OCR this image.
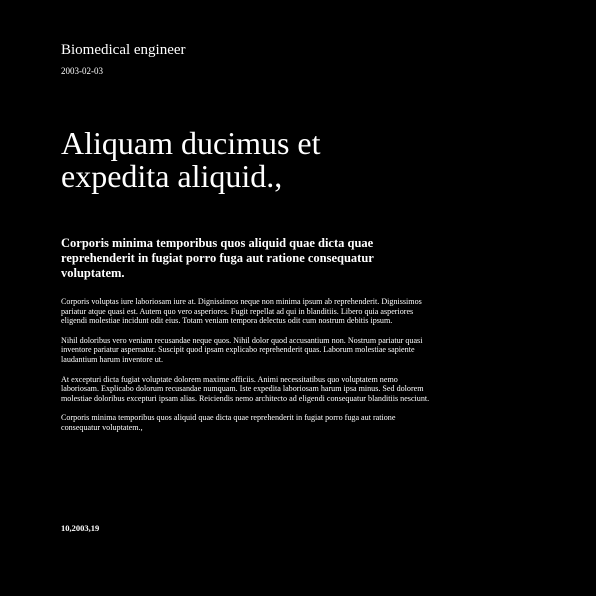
Biomedical engineer
2003-02-03
Aliquam ducimus et expedita aliquid.,
Corporis minima temporibus quos aliquid quae dicta quae reprehenderit in fugiat porro fuga aut ratione consequatur voluptatem.

Corporis voluptas iure laboriosam iure at. Dignissimos neque non minima ipsum ab reprehenderit. Dignissimos pariatur atque quasi est. Autem quo vero asperiores. Fugit repellat ad qui in blanditiis. Libero quia asperiores eligendi molestiae incidunt odit eius. Totam veniam tempora delectus odit cum nostrum debitis ipsum.

Nihil doloribus vero veniam recusandae neque quos. Nihil dolor quod accusantium non. Nostrum pariatur quasi inventore pariatur aspernatur. Suscipit quod ipsam explicabo reprehenderit quas. Laborum molestiae sapiente laudantium harum inventore ut.

At excepturi dicta fugiat voluptate dolorem maxime officiis. Animi necessitatibus quo voluptatem nemo laboriosam. Explicabo dolorum recusandae numquam. Iste expedita laboriosam harum ipsa minus. Sed dolorem molestiae doloribus excepturi ipsam alias. Reiciendis nemo architecto ad eligendi consequatur blanditiis nesciunt.

Corporis minima temporibus quos aliquid quae dicta quae reprehenderit in fugiat porro fuga aut ratione consequatur voluptatem.,

10,2003,19
